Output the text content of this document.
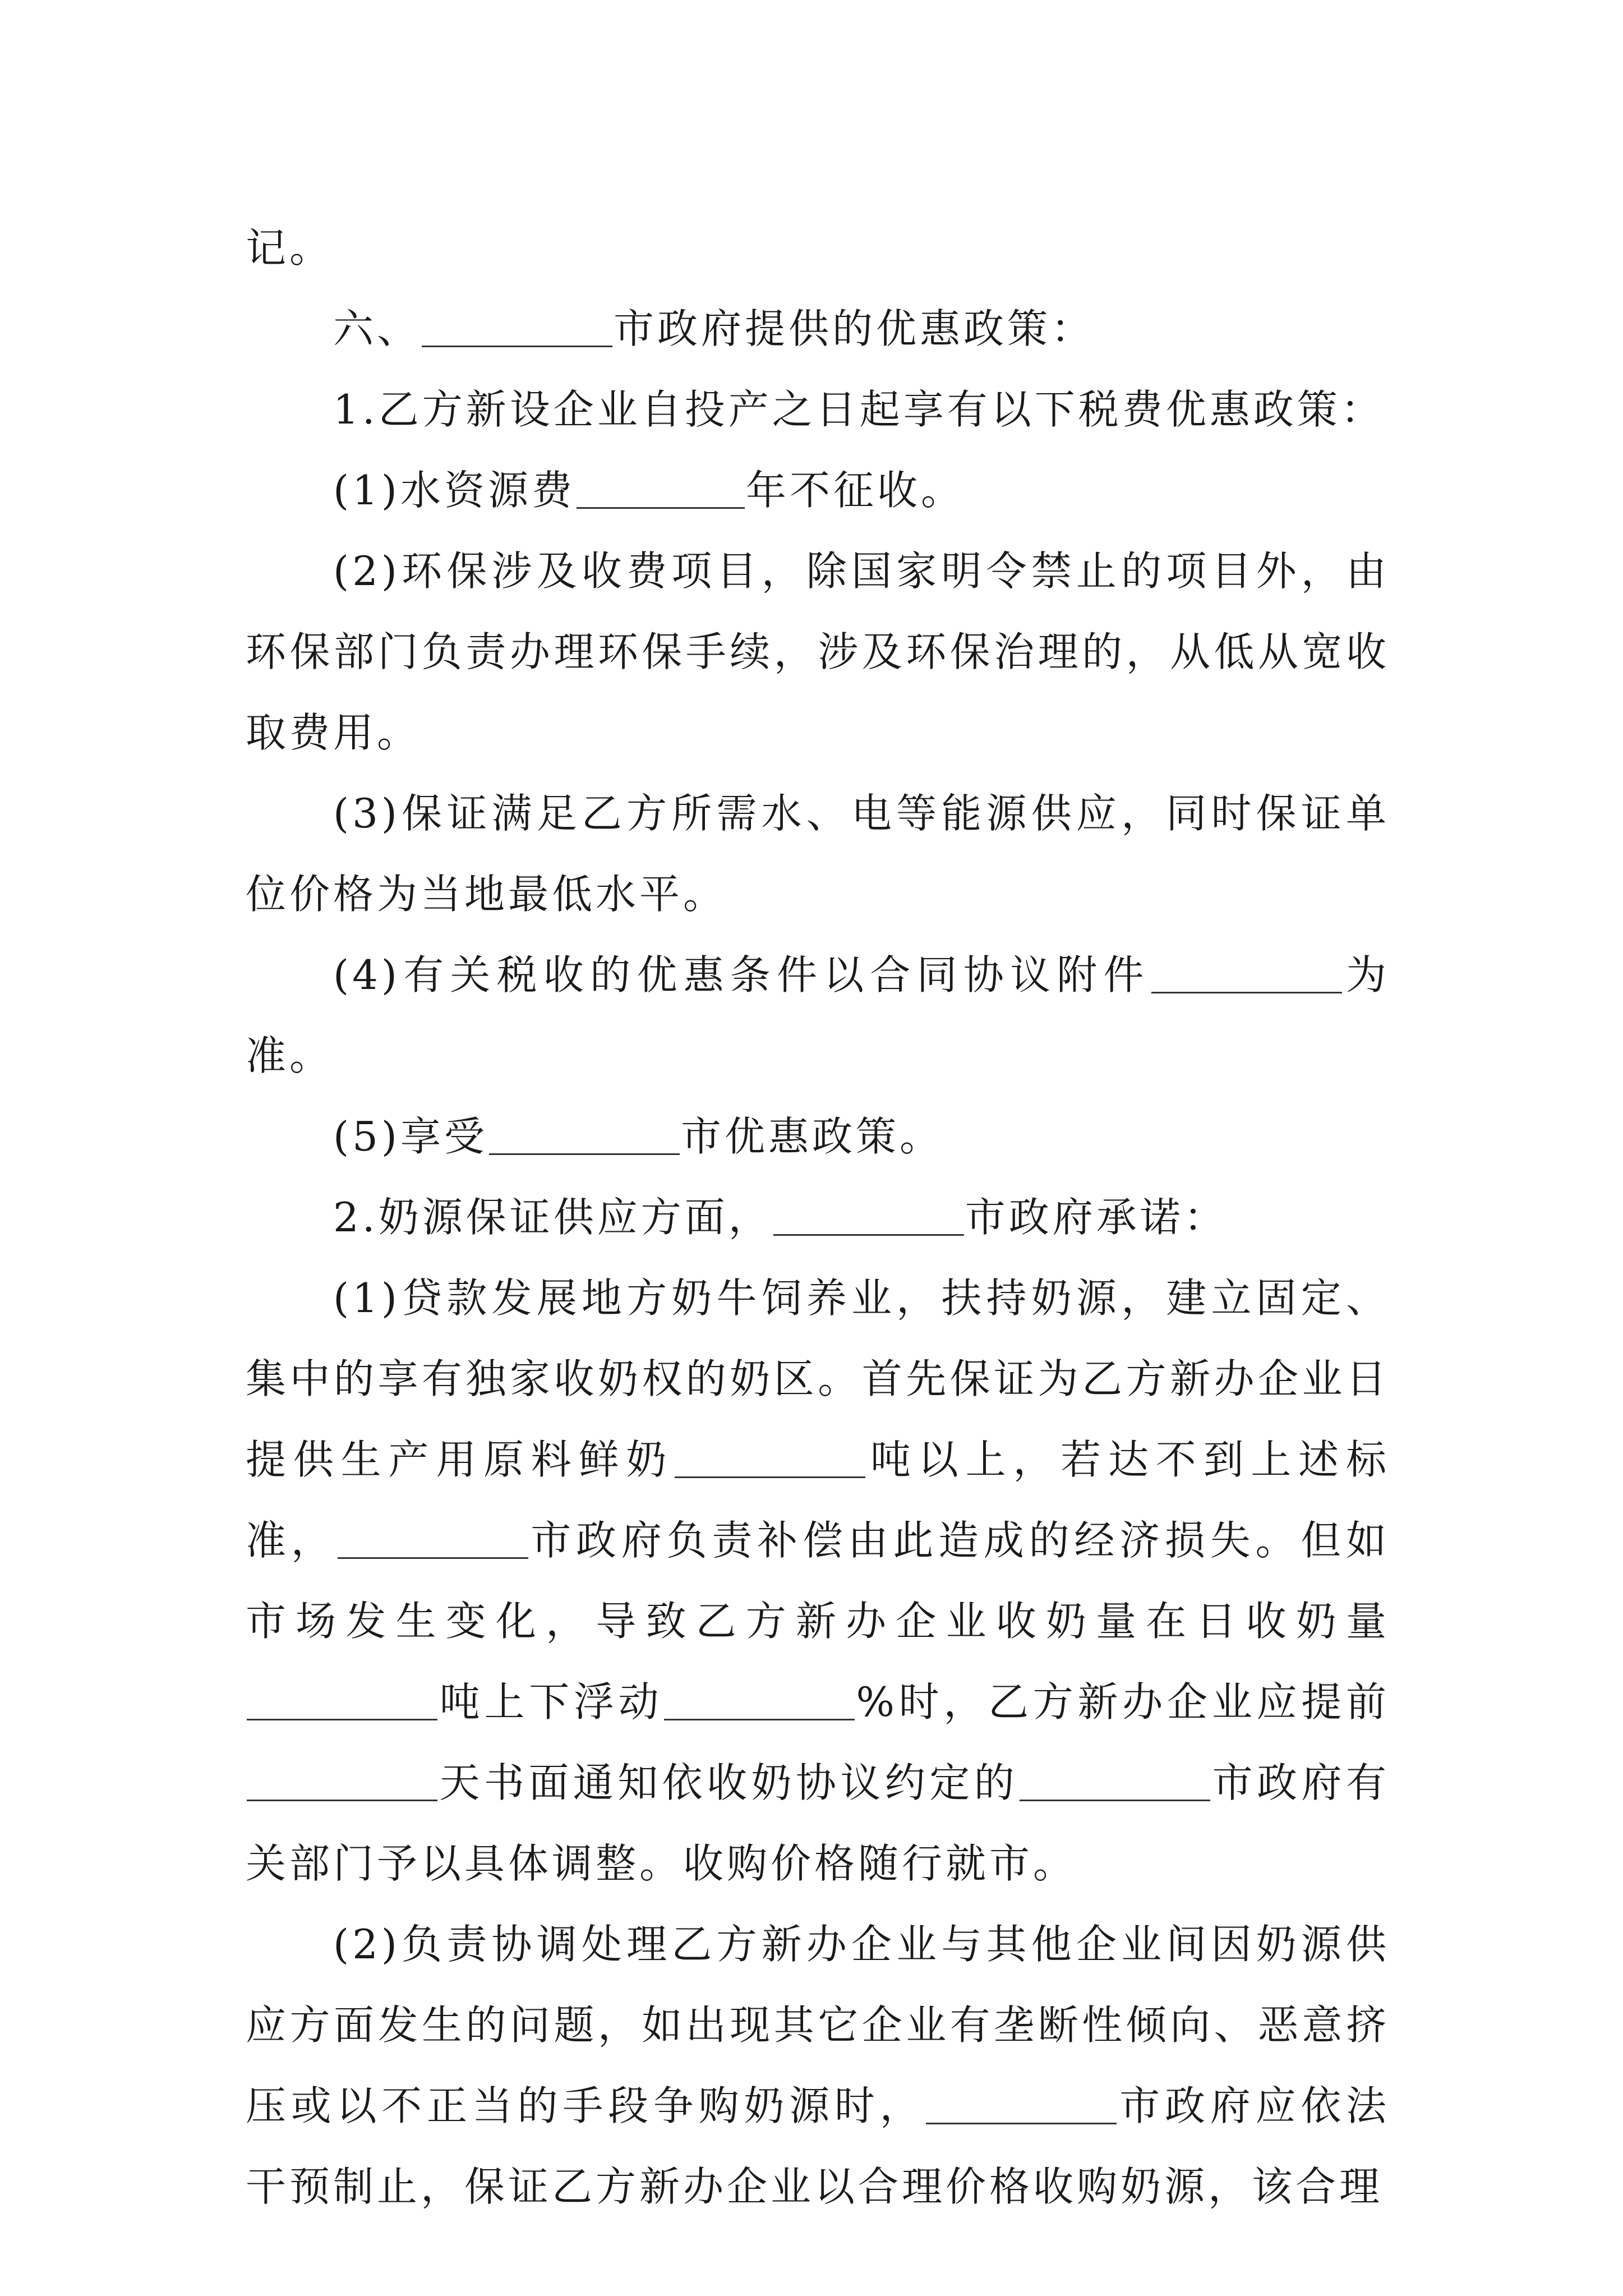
记。

六、	市政府提供的优惠政策：

1.乙方新设企业自投产之日起享有以下税费优惠政策：

(1)水资源费	年不征收。

(2)环保涉及收费项目，除国家明令禁止的项目外，由环保部门负责办理环保手续，涉及环保治理的，从低从宽收取费用。

(3)保证满足乙方所需水、电等能源供应，同时保证单位价格为当地最低水平。

(4)有关税收的优惠条件以合同协议附件	为准。

(5)享受	市优惠政策。

2.奶源保证供应方面，	市政府承诺：

(1)贷款发展地方奶牛饲养业，扶持奶源，建立固定、集中的享有独家收奶权的奶区。首先保证为乙方新办企业日提供生产用原料鲜奶	吨以上，若达不到上述标准，	市政府负责补偿由此造成的经济损失。但如市场发生变化，导致乙方新办企业收奶量在日收奶量吨上下浮动	%时，乙方新办企业应提前天书面通知依收奶协议约定的	市政府有关部门予以具体调整。收购价格随行就市。

(2)负责协调处理乙方新办企业与其他企业间因奶源供应方面发生的问题，如出现其它企业有垄断性倾向、恶意挤压或以不正当的手段争购奶源时，	市政府应依法干预制止，保证乙方新办企业以合理价格收购奶源，该合理
